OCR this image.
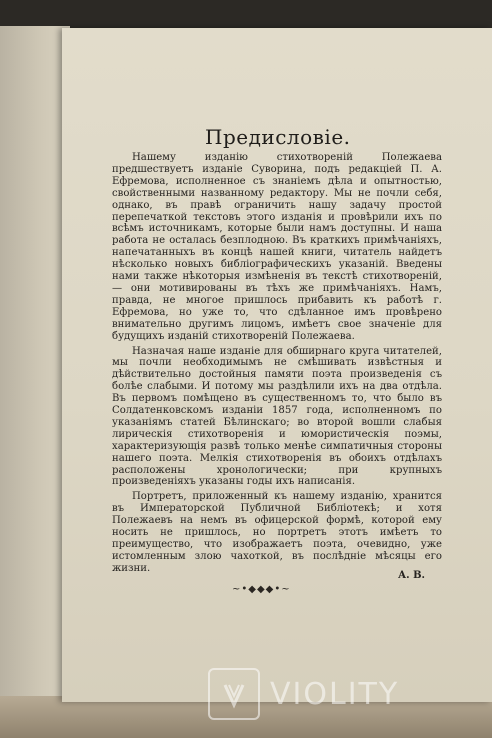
Предисловіе.

Нашему изданію стихотвореній Полежаева предшествуетъ изданіе Суворина, подъ редакціей П. А. Ефремова, исполненное съ знаніемъ дѣла и опытностью, свойственными названному редактору. Мы не почли себя, однако, въ правѣ ограничить нашу задачу простой перепечаткой текстовъ этого изданія и провѣрили ихъ по всѣмъ источникамъ, которые были намъ доступны. И наша работа не осталась безплодною. Въ краткихъ примѣчаніяхъ, напечатанныхъ въ концѣ нашей книги, читатель найдетъ нѣсколько новыхъ библіографическихъ указаній. Введены нами также нѣкоторыя измѣненія въ текстѣ стихотвореній, — они мотивированы въ тѣхъ же примѣчаніяхъ. Намъ, правда, не многое пришлось прибавить къ работѣ г. Ефремова, но уже то, что сдѣланное имъ провѣрено внимательно другимъ лицомъ, имѣетъ свое значеніе для будущихъ изданій стихотвореній Полежаева.

Назначая наше изданіе для обширнаго круга читателей, мы почли необходимымъ не смѣшивать извѣстныя и дѣйствительно достойныя памяти поэта произведенія съ болѣе слабыми. И потому мы раздѣлили ихъ на два отдѣла. Въ первомъ помѣщено въ существенномъ то, что было въ Солдатенковскомъ изданіи 1857 года, исполненномъ по указаніямъ статей Бѣлинскаго; во второй вошли слабыя лирическія стихотворенія и юмористическія поэмы, характеризующія развѣ только менѣе симпатичныя стороны нашего поэта. Мелкія стихотворенія въ обоихъ отдѣлахъ расположены хронологически; при крупныхъ произведеніяхъ указаны годы ихъ написанія.

Портретъ, приложенный къ нашему изданію, хранится въ Императорской Публичной Библіотекѣ; и хотя Полежаевъ на немъ въ офицерской формѣ, которой ему носить не пришлось, но портретъ этотъ имѣетъ то преимущество, что изображаетъ поэта, очевидно, уже истомленным злою чахоткой, въ послѣдніе мѣсяцы его жизни.

А. В.
~•◆◆◆•~
VIOLITY
